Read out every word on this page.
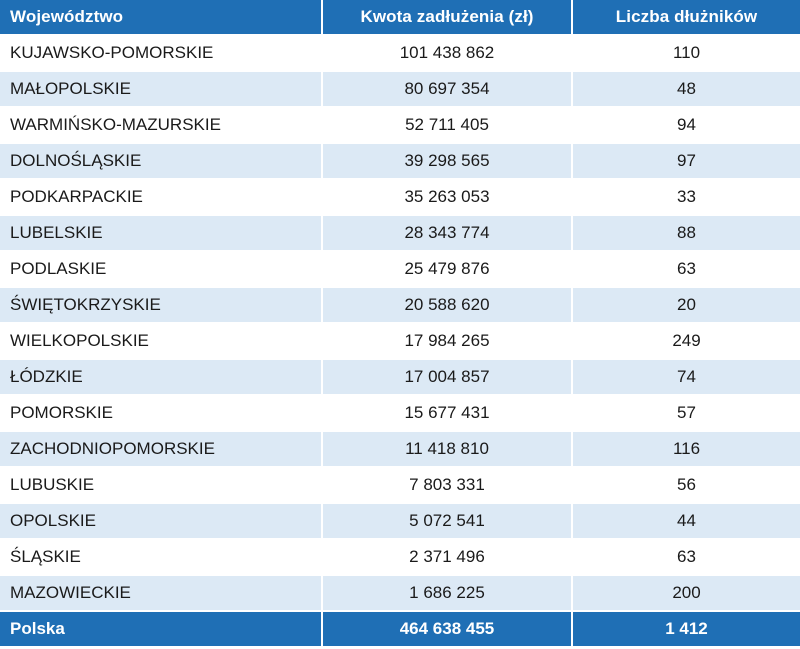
Województwo	Kwota zadłużenia (zł)	Liczba dłużników
KUJAWSKO-POMORSKIE	101 438 862	110
MAŁOPOLSKIE	80 697 354	48
WARMIŃSKO-MAZURSKIE	52 711 405	94
DOLNOŚLĄSKIE	39 298 565	97
PODKARPACKIE	35 263 053	33
LUBELSKIE	28 343 774	88
PODLASKIE	25 479 876	63
ŚWIĘTOKRZYSKIE	20 588 620	20
WIELKOPOLSKIE	17 984 265	249
ŁÓDZKIE	17 004 857	74
POMORSKIE	15 677 431	57
ZACHODNIOPOMORSKIE	11 418 810	116
LUBUSKIE	7 803 331	56
OPOLSKIE	5 072 541	44
ŚLĄSKIE	2 371 496	63
MAZOWIECKIE	1 686 225	200
Polska	464 638 455	1 412
